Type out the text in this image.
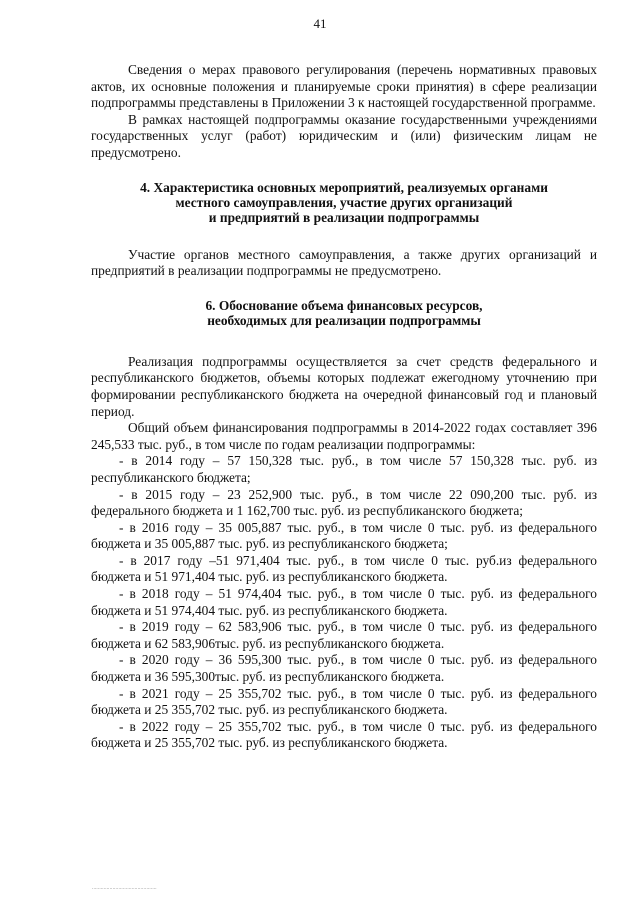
41

Сведения о мерах правового регулирования (перечень нормативных правовых актов, их основные положения и планируемые сроки принятия) в сфере реализации подпрограммы представлены в Приложении 3 к настоящей государственной программе.

В рамках настоящей подпрограммы оказание государственными учреждениями государственных услуг (работ) юридическим и (или) физическим лицам не предусмотрено.

4. Характеристика основных мероприятий, реализуемых органами
местного самоуправления, участие других организаций
и предприятий в реализации подпрограммы

Участие органов местного самоуправления, а также других организаций и предприятий в реализации подпрограммы не предусмотрено.

6. Обоснование объема финансовых ресурсов,
необходимых для реализации подпрограммы

Реализация подпрограммы осуществляется за счет средств федерального и республиканского бюджетов, объемы которых подлежат ежегодному уточнению при формировании республиканского бюджета на очередной финансовый год и плановый период.

Общий объем финансирования подпрограммы в 2014-2022 годах составляет 396 245,533 тыс. руб., в том числе по годам реализации подпрограммы:

- в 2014 году – 57 150,328 тыс. руб., в том числе 57 150,328 тыс. руб. из республиканского бюджета;

- в 2015 году – 23 252,900 тыс. руб., в том числе 22 090,200 тыс. руб. из федерального бюджета и 1 162,700 тыс. руб. из республиканского бюджета;

- в 2016 году – 35 005,887 тыс. руб., в том числе 0 тыс. руб. из федерального бюджета и 35 005,887 тыс. руб. из республиканского бюджета;

- в 2017 году –51 971,404 тыс. руб., в том числе 0 тыс. руб.из федерального бюджета и 51 971,404 тыс. руб. из республиканского бюджета.

- в 2018 году – 51 974,404 тыс. руб., в том числе 0 тыс. руб. из федерального бюджета и 51 974,404 тыс. руб. из республиканского бюджета.

- в 2019 году – 62 583,906 тыс. руб., в том числе 0 тыс. руб. из федерального бюджета и 62 583,906тыс. руб. из республиканского бюджета.

- в 2020 году – 36 595,300 тыс. руб., в том числе 0 тыс. руб. из федерального бюджета и 36 595,300тыс. руб. из республиканского бюджета.

- в 2021 году – 25 355,702 тыс. руб., в том числе 0 тыс. руб. из федерального бюджета и 25 355,702 тыс. руб. из республиканского бюджета.

- в 2022 году – 25 355,702 тыс. руб., в том числе 0 тыс. руб. из федерального бюджета и 25 355,702 тыс. руб. из республиканского бюджета.

············································
